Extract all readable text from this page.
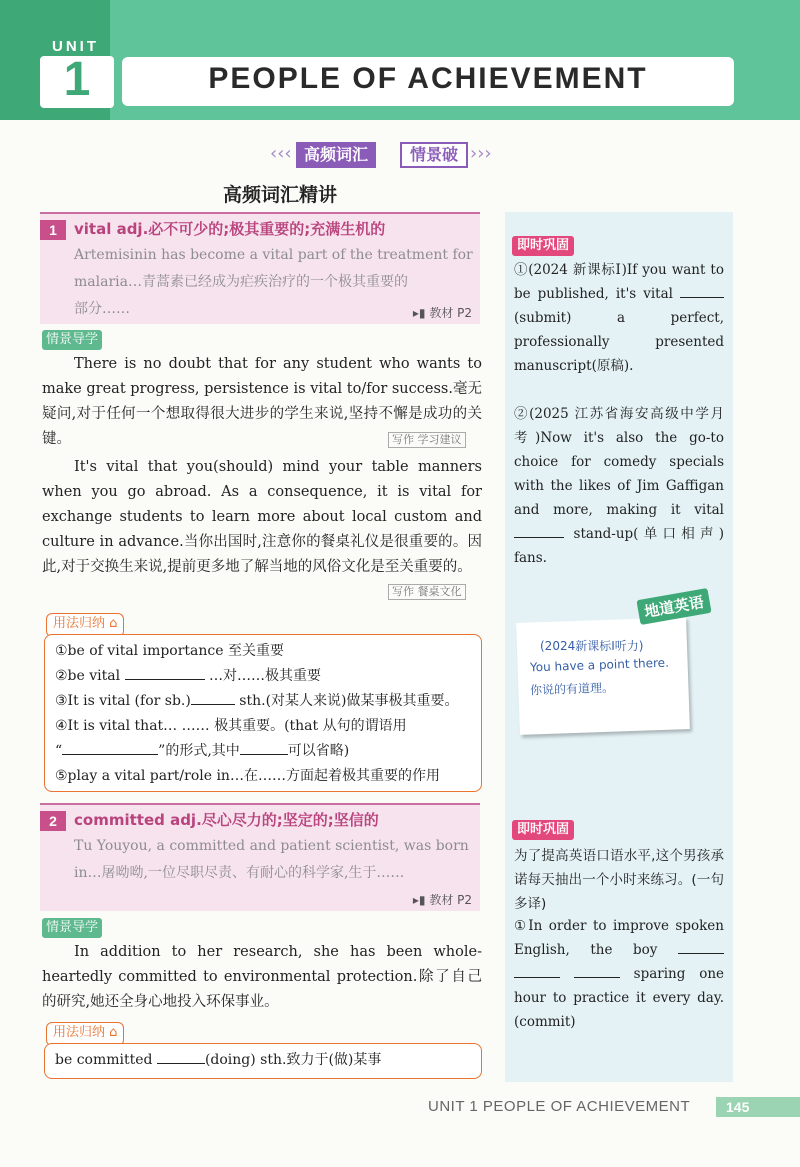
UNIT
1	PEOPLE OF ACHIEVEMENT
‹‹‹ 高频词汇	情景破 ›››
高频词汇精讲
1	vital adj.必不可少的;极其重要的;充满生机的
Artemisinin has become a vital part of the treatment for
malaria…青蒿素已经成为疟疾治疗的一个极其重要的
部分……	▸▮ 教材 P2
情景导学
There is no doubt that for any student who wants to make great progress, persistence is vital to/for success.毫无疑问,对于任何一个想取得很大进步的学生来说,坚持不懈是成功的关键。	写作 学习建议
It's vital that you(should) mind your table manners when you go abroad. As a consequence, it is vital for exchange students to learn more about local custom and culture in advance.当你出国时,注意你的餐桌礼仪是很重要的。因此,对于交换生来说,提前更多地了解当地的风俗文化是至关重要的。
写作 餐桌文化
用法归纳 ⌂
①be of vital importance 至关重要
②be vital	…对……极其重要
③It is vital (for sb.)	sth.(对某人来说)做某事极其重要。
④It is vital that… …… 极其重要。(that 从句的谓语用
“	”的形式,其中	可以省略)
⑤play a vital part/role in…在……方面起着极其重要的作用
2	committed adj.尽心尽力的;坚定的;坚信的
Tu Youyou, a committed and patient scientist, was born
in…屠呦呦,一位尽职尽责、有耐心的科学家,生于……
▸▮ 教材 P2
情景导学
In addition to her research, she has been whole-heartedly committed to environmental protection.除了自己的研究,她还全身心地投入环保事业。
用法归纳 ⌂
be committed	(doing) sth.致力于(做)某事
即时巩固
①(2024 新课标Ⅰ)If you want to be published, it's vital  (submit) a perfect, professionally presented manuscript(原稿).
②(2025 江苏省海安高级中学月考)Now it's also the go-to choice for comedy specials with the likes of Jim Gaffigan and more, making it vital  stand-up(单口相声) fans.
地道英语
(2024新课标Ⅰ听力)
You have a point there.
你说的有道理。
即时巩固
为了提高英语口语水平,这个男孩承诺每天抽出一个小时来练习。(一句多译)
①In order to improve spoken English, the boy    sparing one hour to practice it every day. (commit)
UNIT 1 PEOPLE OF ACHIEVEMENT	145
